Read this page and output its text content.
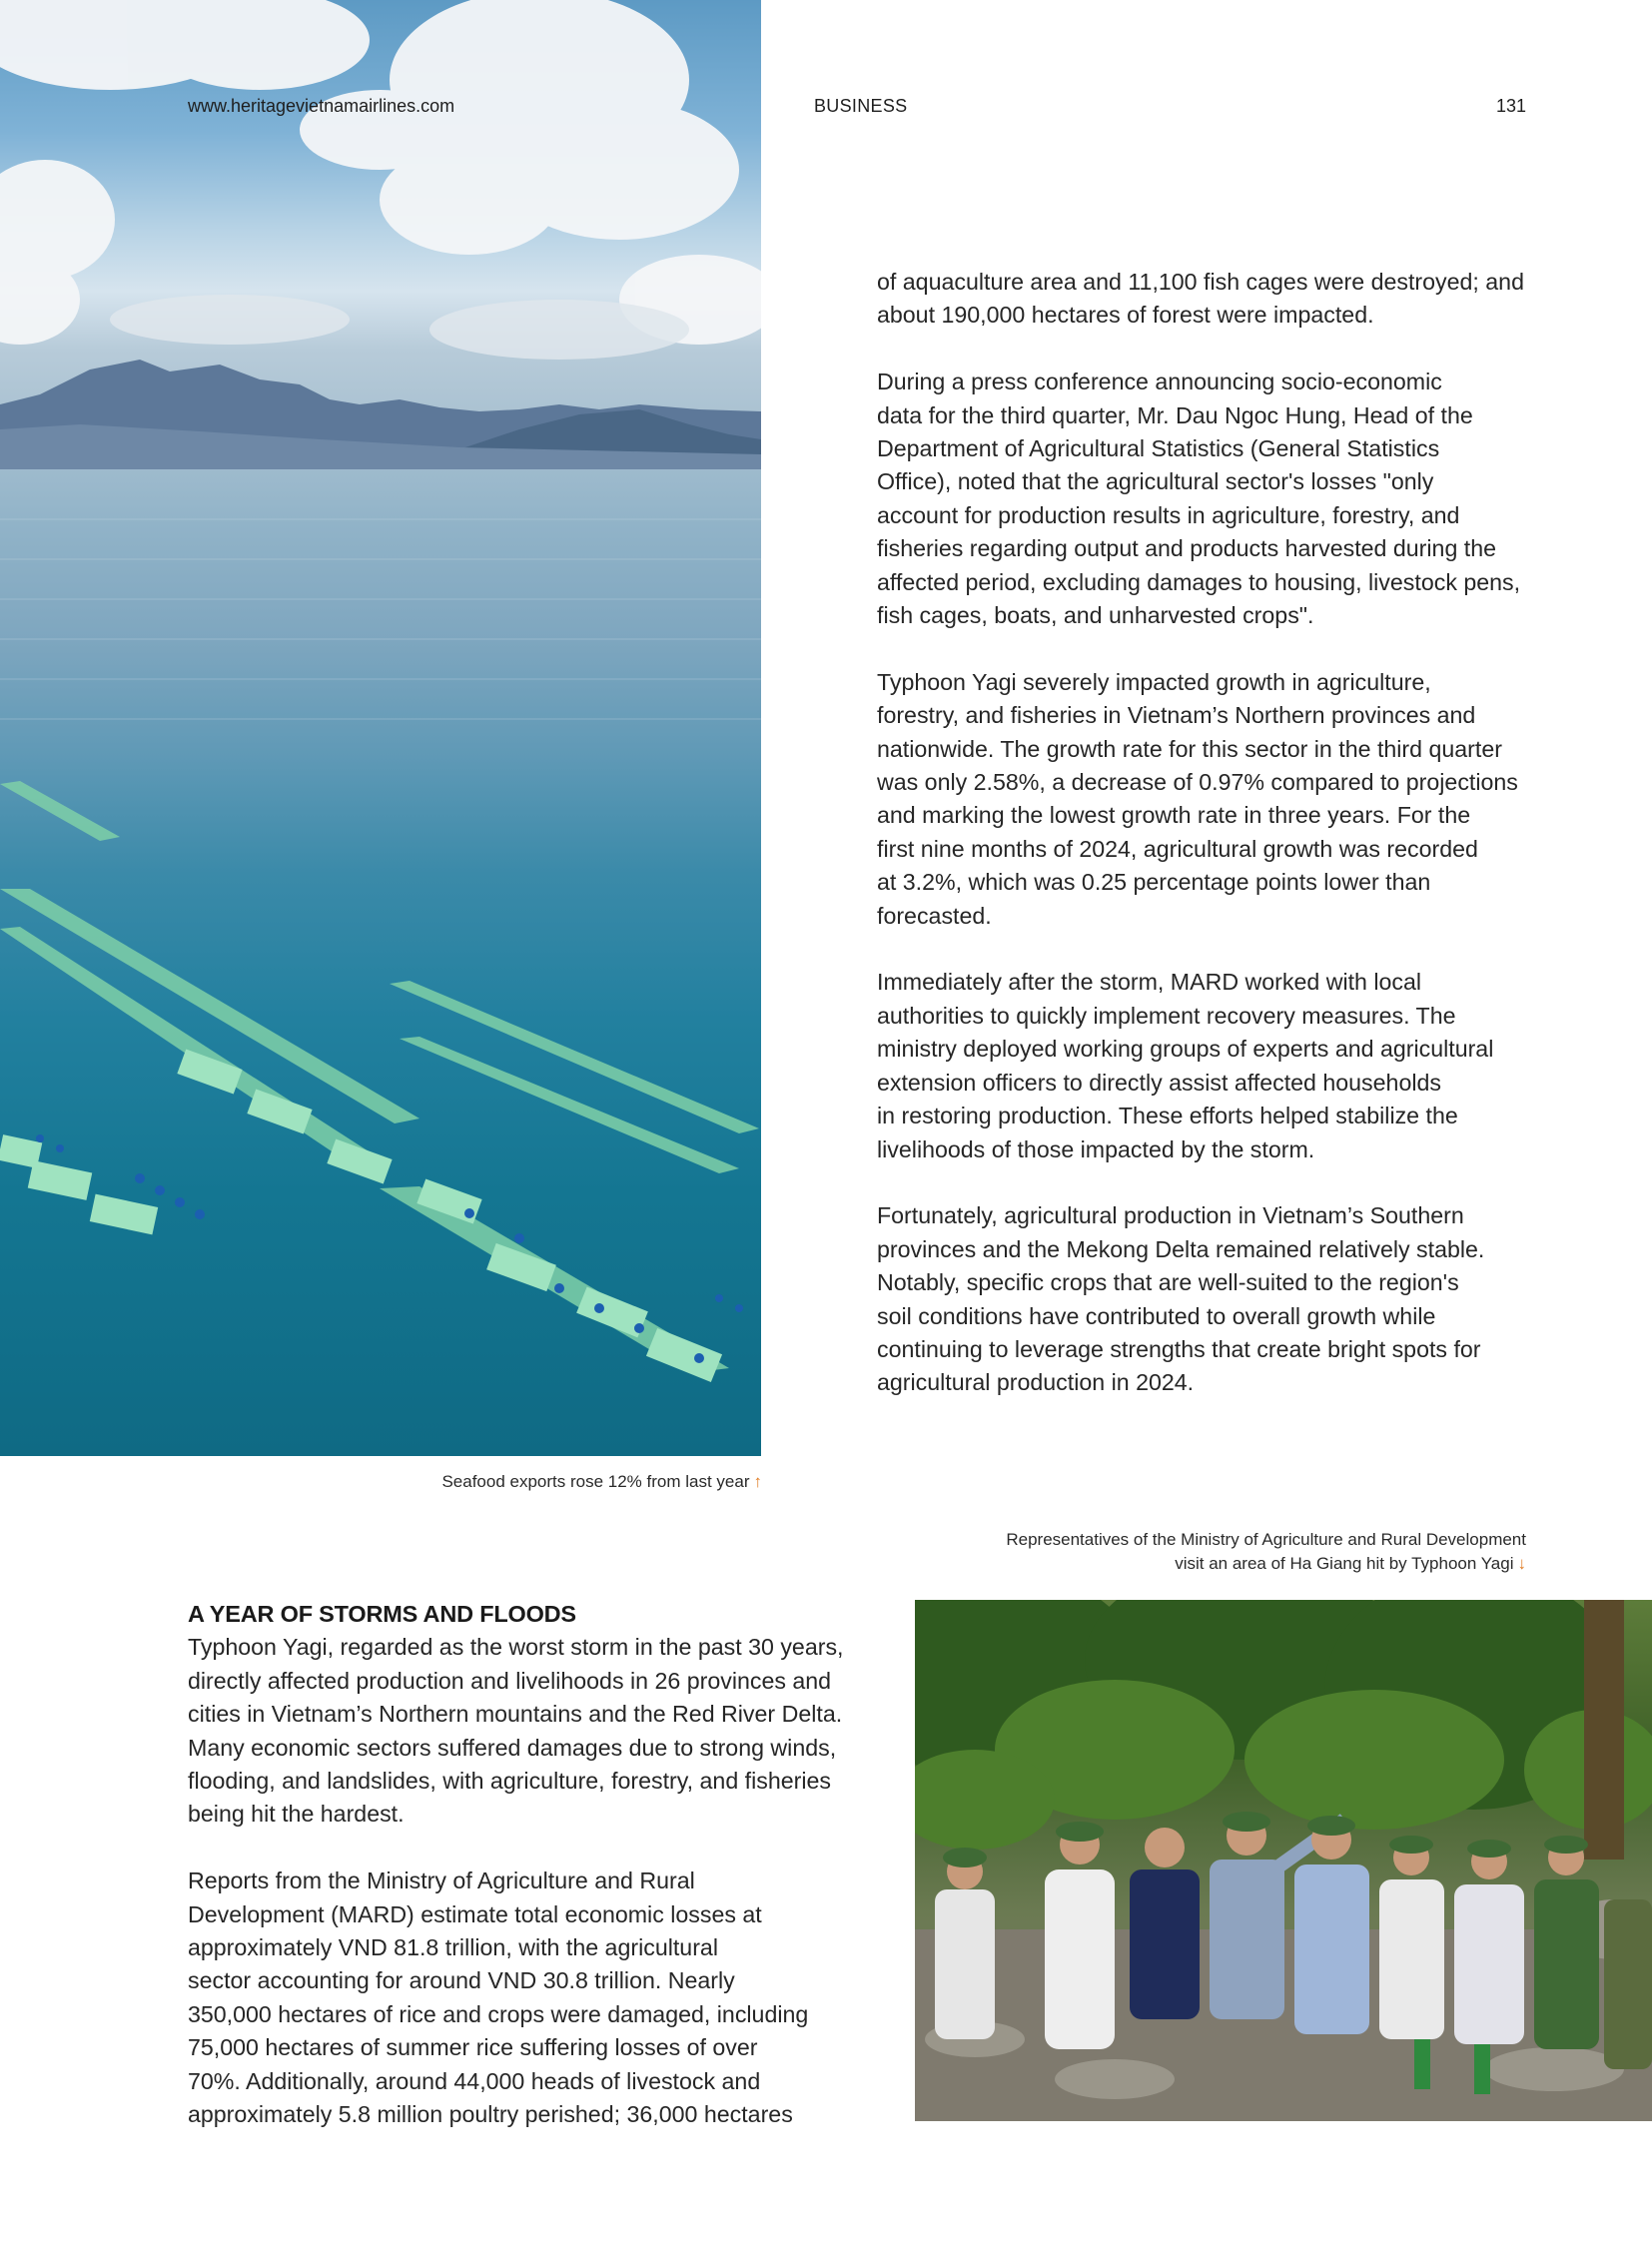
www.heritagevietnamairlines.com	BUSINESS	131

of aquaculture area and 11,100 fish cages were destroyed; and
about 190,000 hectares of forest were impacted.

During a press conference announcing socio-economic
data for the third quarter, Mr. Dau Ngoc Hung, Head of the
Department of Agricultural Statistics (General Statistics
Office), noted that the agricultural sector's losses "only
account for production results in agriculture, forestry, and
fisheries regarding output and products harvested during the
affected period, excluding damages to housing, livestock pens,
fish cages, boats, and unharvested crops".

Typhoon Yagi severely impacted growth in agriculture,
forestry, and fisheries in Vietnam’s Northern provinces and
nationwide. The growth rate for this sector in the third quarter
was only 2.58%, a decrease of 0.97% compared to projections
and marking the lowest growth rate in three years. For the
first nine months of 2024, agricultural growth was recorded
at 3.2%, which was 0.25 percentage points lower than
forecasted.

Immediately after the storm, MARD worked with local
authorities to quickly implement recovery measures. The
ministry deployed working groups of experts and agricultural
extension officers to directly assist affected households
in restoring production. These efforts helped stabilize the
livelihoods of those impacted by the storm.

Fortunately, agricultural production in Vietnam’s Southern
provinces and the Mekong Delta remained relatively stable.
Notably, specific crops that are well-suited to the region's
soil conditions have contributed to overall growth while
continuing to leverage strengths that create bright spots for
agricultural production in 2024.

Seafood exports rose 12% from last year ↑
Representatives of the Ministry of Agriculture and Rural Development
visit an area of Ha Giang hit by Typhoon Yagi ↓
A YEAR OF STORMS AND FLOODS

Typhoon Yagi, regarded as the worst storm in the past 30 years,
directly affected production and livelihoods in 26 provinces and
cities in Vietnam’s Northern mountains and the Red River Delta.
Many economic sectors suffered damages due to strong winds,
flooding, and landslides, with agriculture, forestry, and fisheries
being hit the hardest.

Reports from the Ministry of Agriculture and Rural
Development (MARD) estimate total economic losses at
approximately VND 81.8 trillion, with the agricultural
sector accounting for around VND 30.8 trillion. Nearly
350,000 hectares of rice and crops were damaged, including
75,000 hectares of summer rice suffering losses of over
70%. Additionally, around 44,000 heads of livestock and
approximately 5.8 million poultry perished; 36,000 hectares
